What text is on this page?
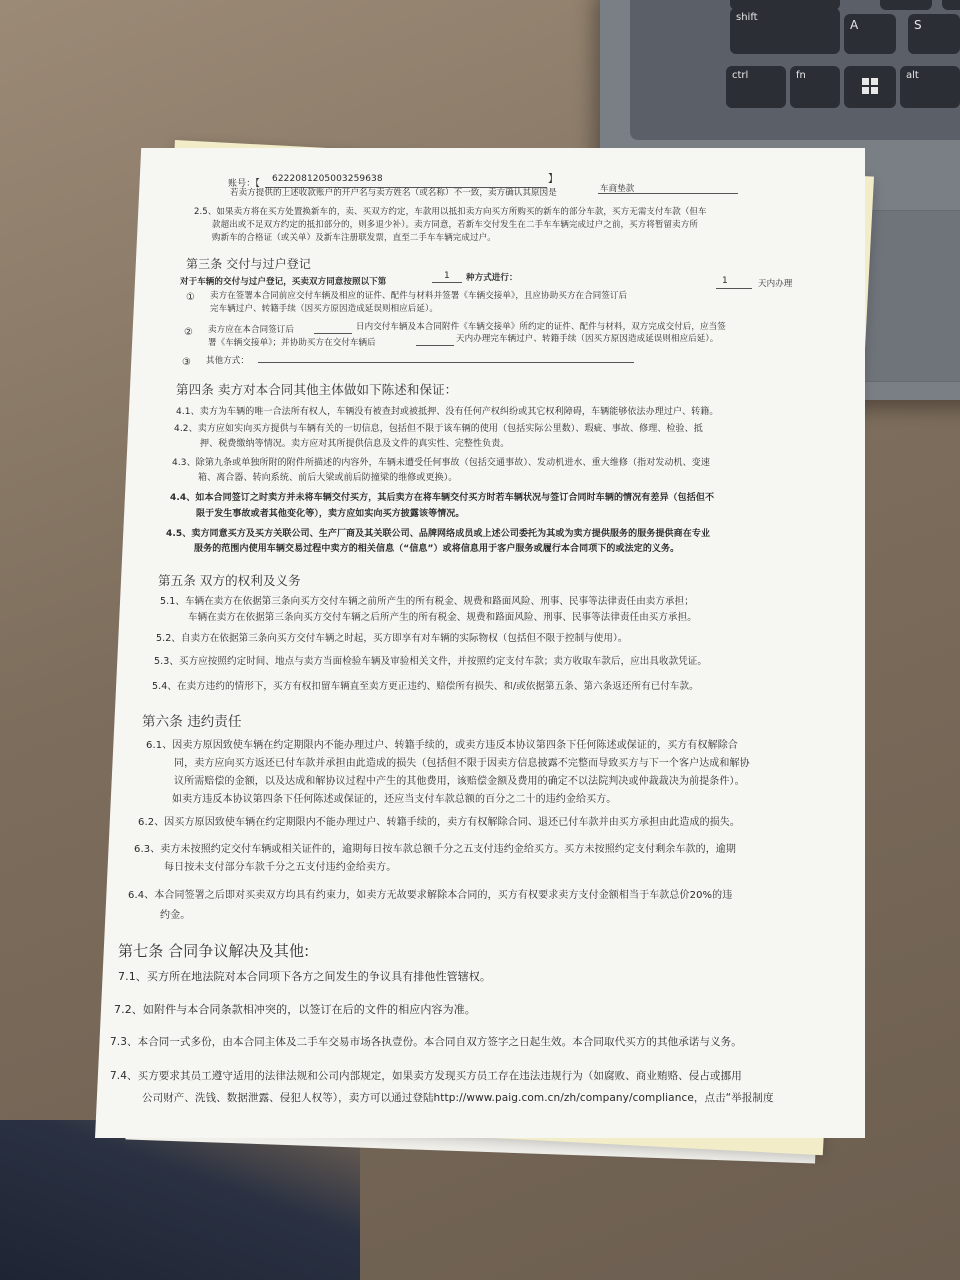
shift
A	S
ctrl	fn	alt
账号：【 6222081205003259638	】
若卖方提供的上述收款账户的开户名与卖方姓名（或名称）不一致，卖方确认其原因是	车商垫款
2.5、如果卖方将在买方处置换新车的，卖、买双方约定，车款用以抵扣卖方向买方所购买的新车的部分车款，买方无需支付车款（但车
款超出或不足双方约定的抵扣部分的，则多退少补）。卖方同意，若新车交付发生在二手车车辆完成过户之前，买方将暂留卖方所
购新车的合格证（或关单）及新车注册联发票，直至二手车车辆完成过户。
第三条 交付与过户登记
对于车辆的交付与过户登记，买卖双方同意按照以下第
1 种方式进行：
① 卖方在签署本合同前应交付车辆及相应的证件、配件与材料并签署《车辆交接单》，且应协助买方在合同签订后
1	天内办理
完车辆过户、转籍手续（因买方原因造成延误则相应后延）。
② 卖方应在本合同签订后	日内交付车辆及本合同附件《车辆交接单》所约定的证件、配件与材料，双方完成交付后，应当签
署《车辆交接单》；并协助买方在交付车辆后	天内办理完车辆过户、转籍手续（因买方原因造成延误则相应后延）。
③ 其他方式：
第四条 卖方对本合同其他主体做如下陈述和保证：
4.1、卖方为车辆的唯一合法所有权人，车辆没有被查封或被抵押、没有任何产权纠纷或其它权利障碍，车辆能够依法办理过户、转籍。
4.2、卖方应如实向买方提供与车辆有关的一切信息，包括但不限于该车辆的使用（包括实际公里数）、瑕疵、事故、修理、检验、抵
押、税费缴纳等情况。卖方应对其所提供信息及文件的真实性、完整性负责。
4.3、除第九条或单独所附的附件所描述的内容外，车辆未遭受任何事故（包括交通事故）、发动机进水、重大维修（指对发动机、变速
箱、离合器、转向系统、前后大梁或前后防撞梁的维修或更换）。
4.4、如本合同签订之时卖方并未将车辆交付买方，其后卖方在将车辆交付买方时若车辆状况与签订合同时车辆的情况有差异（包括但不
限于发生事故或者其他变化等），卖方应如实向买方披露该等情况。
4.5、卖方同意买方及买方关联公司、生产厂商及其关联公司、品牌网络成员或上述公司委托为其或为卖方提供服务的服务提供商在专业
服务的范围内使用车辆交易过程中卖方的相关信息（“信息”）或将信息用于客户服务或履行本合同项下的或法定的义务。
第五条 双方的权利及义务
5.1、车辆在卖方在依据第三条向买方交付车辆之前所产生的所有税金、规费和路面风险、刑事、民事等法律责任由卖方承担；
车辆在卖方在依据第三条向买方交付车辆之后所产生的所有税金、规费和路面风险、刑事、民事等法律责任由买方承担。
5.2、自卖方在依据第三条向买方交付车辆之时起，买方即享有对车辆的实际物权（包括但不限于控制与使用）。
5.3、买方应按照约定时间、地点与卖方当面检验车辆及审验相关文件，并按照约定支付车款；卖方收取车款后，应出具收款凭证。
5.4、在卖方违约的情形下，买方有权扣留车辆直至卖方更正违约、赔偿所有损失、和/或依据第五条、第六条返还所有已付车款。
第六条 违约责任
6.1、因卖方原因致使车辆在约定期限内不能办理过户、转籍手续的，或卖方违反本协议第四条下任何陈述或保证的，买方有权解除合
同，卖方应向买方返还已付车款并承担由此造成的损失（包括但不限于因卖方信息披露不完整而导致买方与下一个客户达成和解协
议所需赔偿的金额，以及达成和解协议过程中产生的其他费用，该赔偿金额及费用的确定不以法院判决或仲裁裁决为前提条件）。
如卖方违反本协议第四条下任何陈述或保证的，还应当支付车款总额的百分之二十的违约金给买方。
6.2、因买方原因致使车辆在约定期限内不能办理过户、转籍手续的，卖方有权解除合同、退还已付车款并由买方承担由此造成的损失。
6.3、卖方未按照约定交付车辆或相关证件的，逾期每日按车款总额千分之五支付违约金给买方。买方未按照约定支付剩余车款的，逾期
每日按未支付部分车款千分之五支付违约金给卖方。
6.4、本合同签署之后即对买卖双方均具有约束力，如卖方无故要求解除本合同的，买方有权要求卖方支付金额相当于车款总价20%的违
约金。
第七条 合同争议解决及其他:
7.1、买方所在地法院对本合同项下各方之间发生的争议具有排他性管辖权。
7.2、如附件与本合同条款相冲突的，以签订在后的文件的相应内容为准。
7.3、本合同一式多份，由本合同主体及二手车交易市场各执壹份。本合同自双方签字之日起生效。本合同取代买方的其他承诺与义务。
7.4、买方要求其员工遵守适用的法律法规和公司内部规定，如果卖方发现买方员工存在违法违规行为（如腐败、商业贿赂、侵占或挪用
公司财产、洗钱、数据泄露、侵犯人权等），卖方可以通过登陆http://www.paig.com.cn/zh/company/compliance，点击“举报制度
